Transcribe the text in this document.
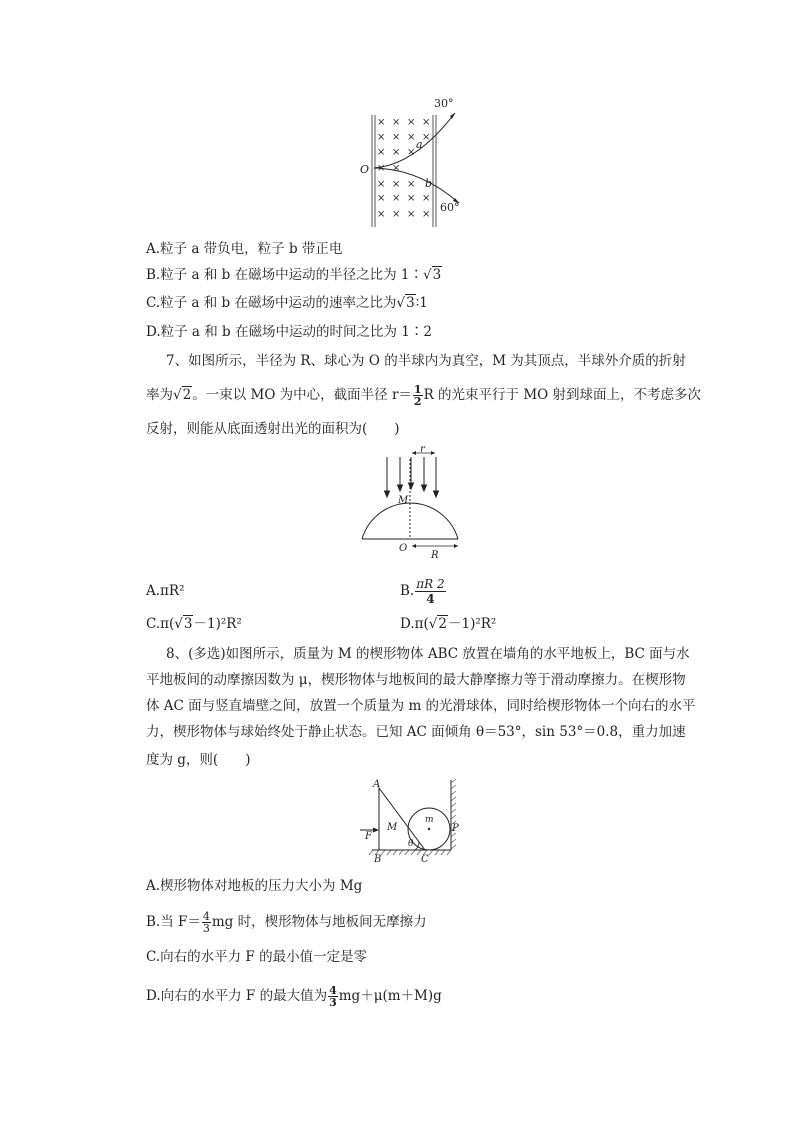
× × × ×
× × × ×
× × ×
× ×
× × ×
× × × ×
× × × ×
30°
60°
O
a
b
A.粒子 a 带负电，粒子 b 带正电
B.粒子 a 和 b 在磁场中运动的半径之比为 1∶√3
C.粒子 a 和 b 在磁场中运动的速率之比为√3∶1
D.粒子 a 和 b 在磁场中运动的时间之比为 1∶2
7、如图所示，半径为 R、球心为 O 的半球内为真空，M 为其顶点，半球外介质的折射
率为√2。一束以 MO 为中心，截面半径 $r= \frac{1}{2}$ R 的光束平行于 MO 射到球面上，不考虑多次
反射，则能从底面透射出光的面积为(　　)
r
M
O
R
A.πR²	B. $\frac{\pi R 2}{4}$
C.π(√3－1)²R²	D.π(√2－1)²R²
8、(多选)如图所示，质量为 M 的楔形物体 ABC 放置在墙角的水平地板上，BC 面与水
平地板间的动摩擦因数为 μ，楔形物体与地板间的最大静摩擦力等于滑动摩擦力。在楔形物
体 AC 面与竖直墙壁之间，放置一个质量为 m 的光滑球体，同时给楔形物体一个向右的水平
力，楔形物体与球始终处于静止状态。已知 AC 面倾角 θ＝53°，sin 53°＝0.8，重力加速
度为 g，则(　　)
A
B	C
F
M
m
P
θ
A.楔形物体对地板的压力大小为 Mg
B.当 $F= \frac{4}{3}$ mg 时，楔形物体与地板间无摩擦力
C.向右的水平力 F 的最小值一定是零
D.向右的水平力 F 的最大值为 $\frac{4}{3} mg+\mu(m+M)g$
